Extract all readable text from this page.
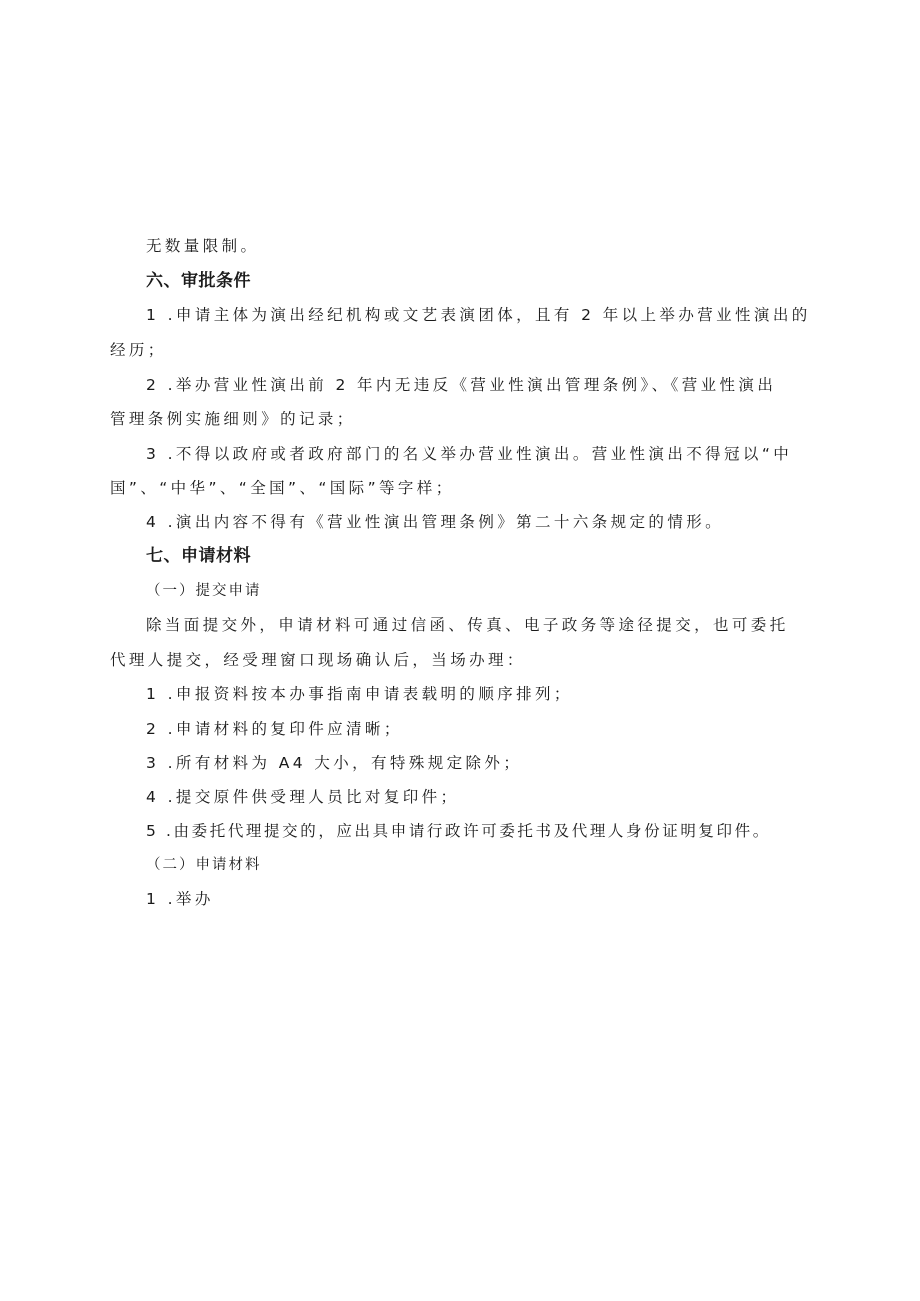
无数量限制。
六、审批条件
1 .申请主体为演出经纪机构或文艺表演团体，且有 2 年以上举办营业性演出的
经历；
2 .举办营业性演出前 2 年内无违反《营业性演出管理条例》、《营业性演出
管理条例实施细则》的记录；
3 .不得以政府或者政府部门的名义举办营业性演出。营业性演出不得冠以“中
国”、“中华”、“全国”、“国际”等字样；
4 .演出内容不得有《营业性演出管理条例》第二十六条规定的情形。
七、申请材料
（一）提交申请
除当面提交外，申请材料可通过信函、传真、电子政务等途径提交，也可委托
代理人提交，经受理窗口现场确认后，当场办理：
1 .申报资料按本办事指南申请表载明的顺序排列；
2 .申请材料的复印件应清晰；
3 .所有材料为 A4 大小，有特殊规定除外；
4 .提交原件供受理人员比对复印件；
5 .由委托代理提交的，应出具申请行政许可委托书及代理人身份证明复印件。
（二）申请材料
1 .举办
